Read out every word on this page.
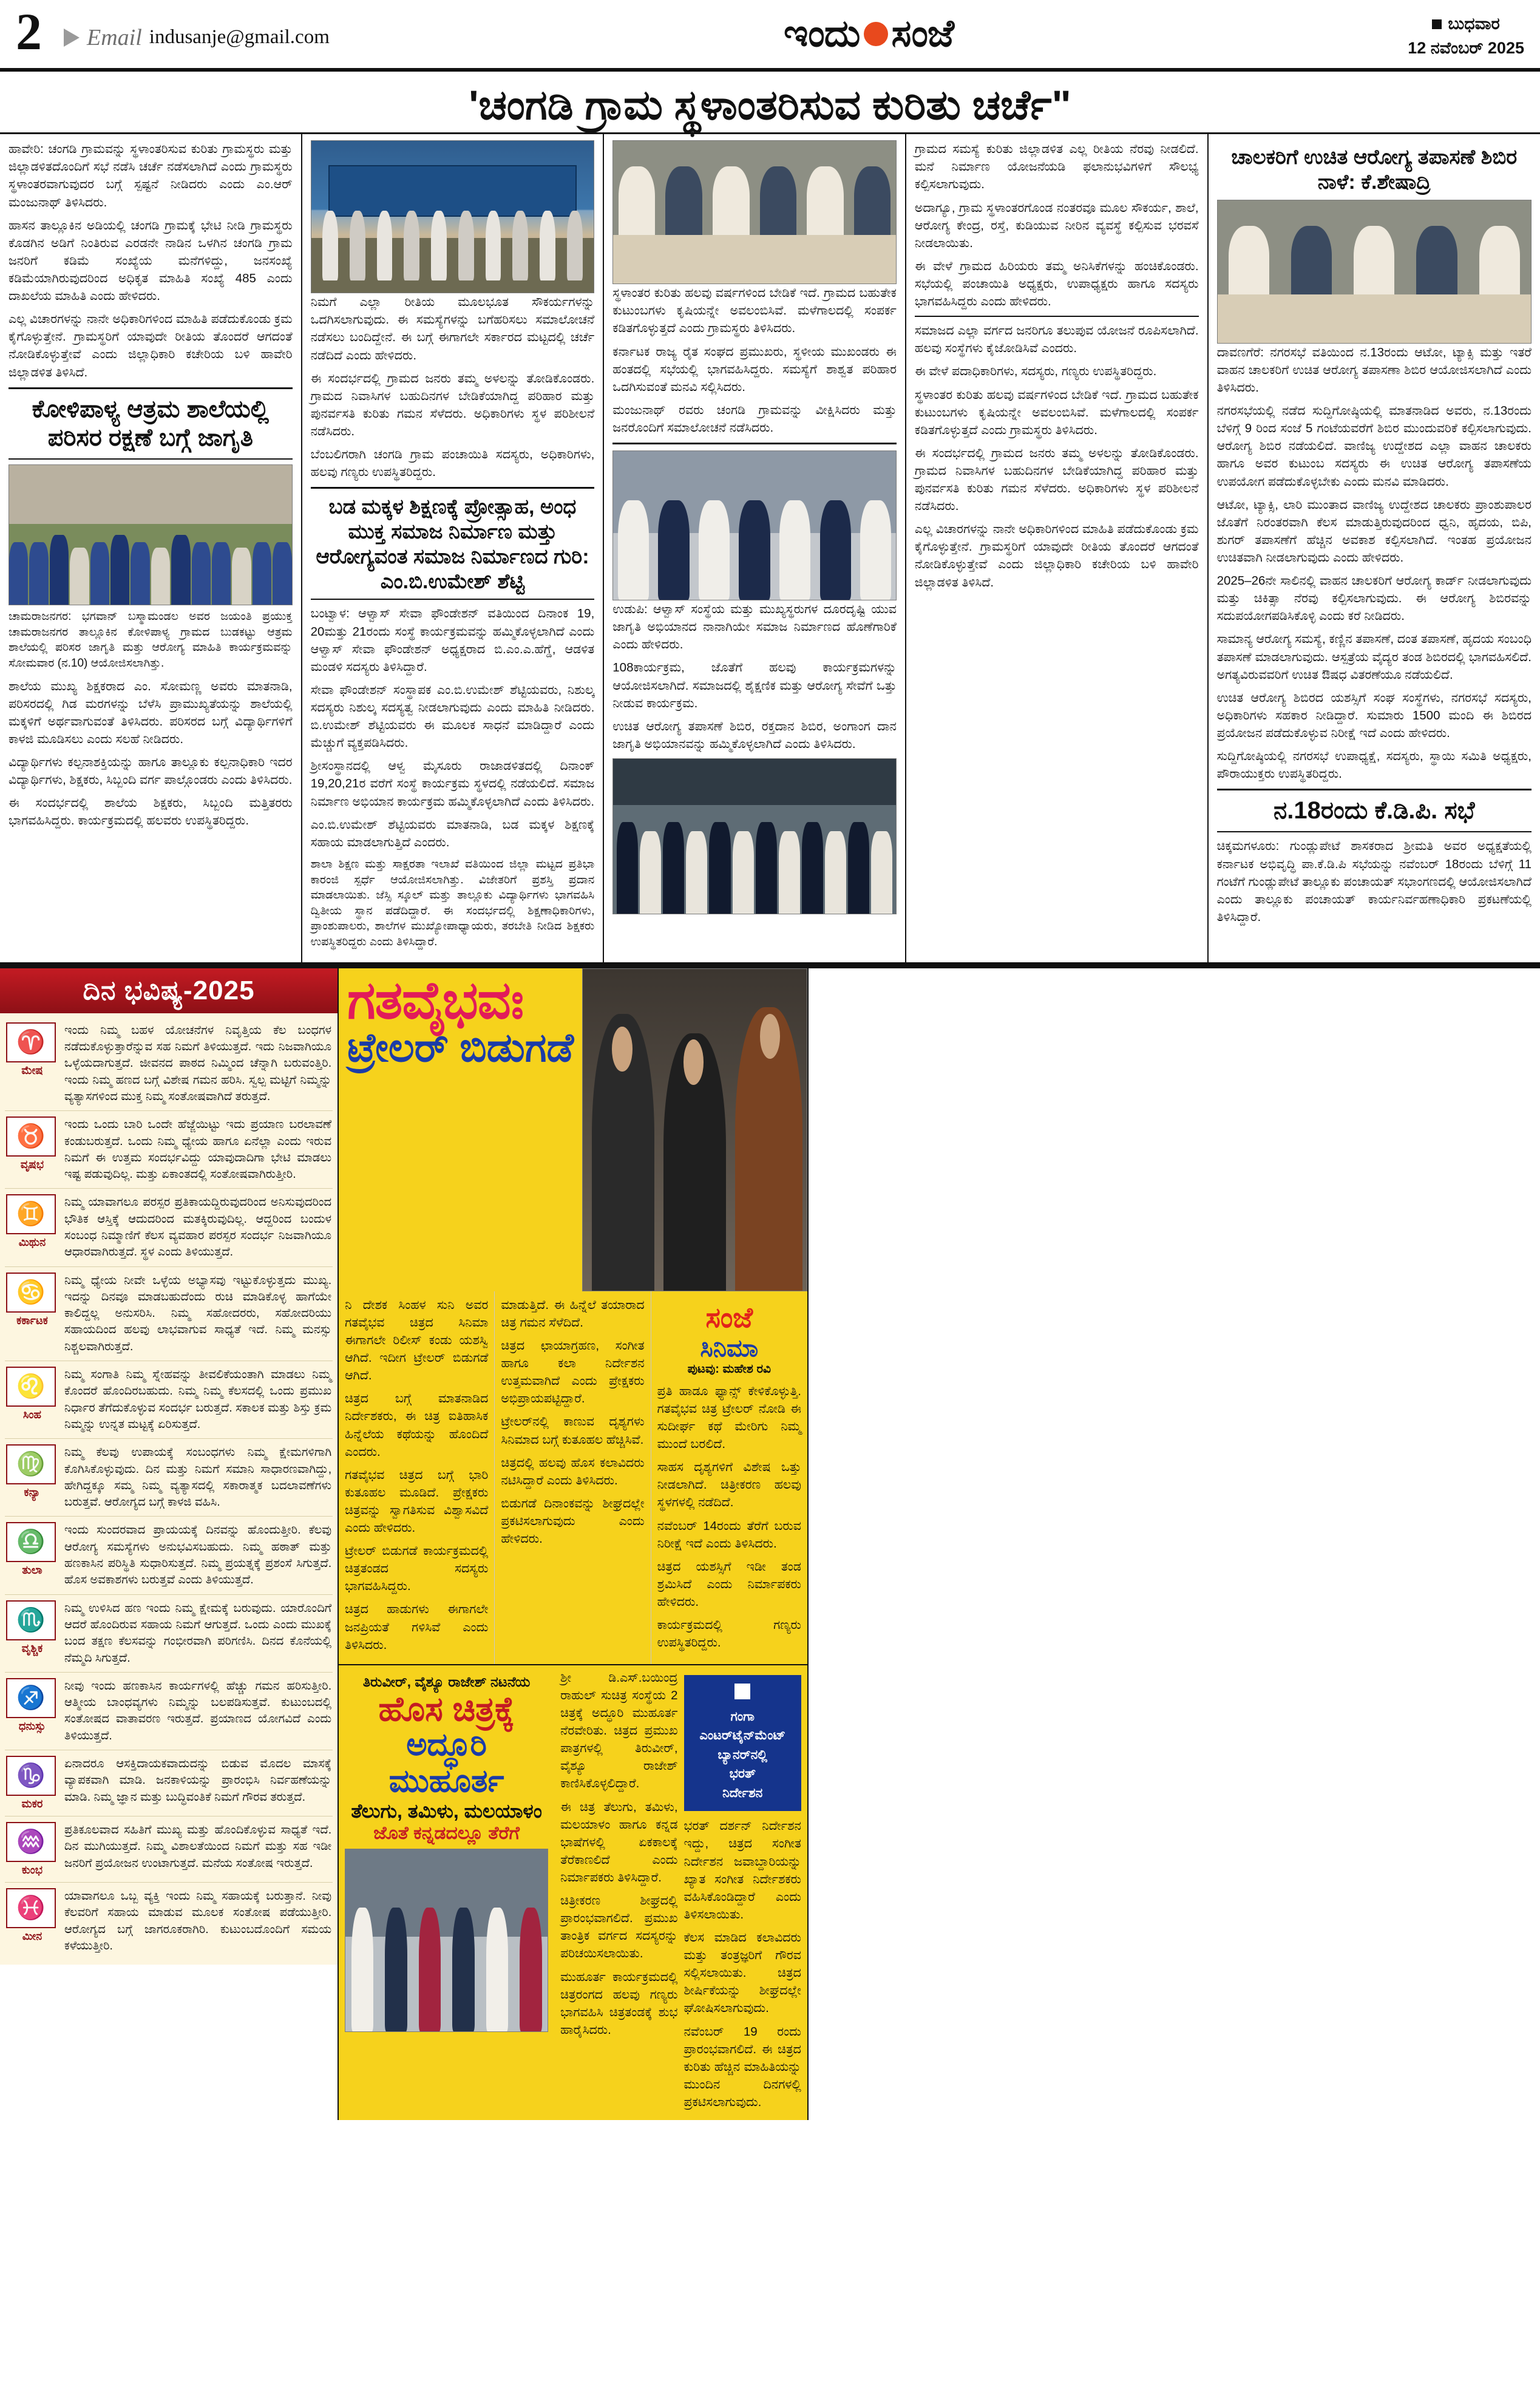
2 Email indusanje@gmail.com	ಇಂದು ಸಂಜೆ	ಬುಧವಾರ
12 ನವೆಂಬರ್ 2025
'ಚಂಗಡಿ ಗ್ರಾಮ ಸ್ಥಳಾಂತರಿಸುವ ಕುರಿತು ಚರ್ಚೆ"

ಹಾವೇರಿ: ಚಂಗಡಿ ಗ್ರಾಮವನ್ನು ಸ್ಥಳಾಂತರಿಸುವ ಕುರಿತು ಗ್ರಾಮಸ್ಥರು ಮತ್ತು ಜಿಲ್ಲಾಡಳಿತದೊಂದಿಗೆ ಸಭೆ ನಡೆಸಿ ಚರ್ಚೆ ನಡೆಸಲಾಗಿದೆ ಎಂದು ಗ್ರಾಮಸ್ಥರು ಸ್ಥಳಾಂತರವಾಗುವುದರ ಬಗ್ಗೆ ಸ್ಪಷ್ಟನೆ ನೀಡಿದರು ಎಂದು ಎಂ.ಆರ್ ಮಂಜುನಾಥ್ ತಿಳಿಸಿದರು.

ಹಾಸನ ತಾಲ್ಲೂಕಿನ ಅಡಿಯಲ್ಲಿ ಚಂಗಡಿ ಗ್ರಾಮಕ್ಕೆ ಭೇಟಿ ನೀಡಿ ಗ್ರಾಮಸ್ಥರು ಕೊಡಗಿನ ಅಡಿಗೆ ನಿಂತಿರುವ ಎರಡನೇ ನಾಡಿನ ಒಳಗಿನ ಚಂಗಡಿ ಗ್ರಾಮ ಜನರಿಗೆ ಕಡಿಮೆ ಸಂಖ್ಯೆಯ ಮನೆಗಳಿದ್ದು, ಜನಸಂಖ್ಯೆ ಕಡಿಮೆಯಾಗಿರುವುದರಿಂದ ಅಧಿಕೃತ ಮಾಹಿತಿ ಸಂಖ್ಯೆ 485 ಎಂದು ದಾಖಲೆಯ ಮಾಹಿತಿ ಎಂದು ಹೇಳಿದರು.

ಎಲ್ಲ ವಿಚಾರಗಳನ್ನು ನಾನೇ ಅಧಿಕಾರಿಗಳಿಂದ ಮಾಹಿತಿ ಪಡೆದುಕೊಂಡು ಕ್ರಮ ಕೈಗೊಳ್ಳುತ್ತೇನೆ. ಗ್ರಾಮಸ್ಥರಿಗೆ ಯಾವುದೇ ರೀತಿಯ ತೊಂದರೆ ಆಗದಂತೆ ನೋಡಿಕೊಳ್ಳುತ್ತೇವೆ ಎಂದು ಜಿಲ್ಲಾಧಿಕಾರಿ ಕಚೇರಿಯ ಬಳಿ ಹಾವೇರಿ ಜಿಲ್ಲಾಡಳಿತ ತಿಳಿಸಿದೆ.

ಕೋಳಿಪಾಳ್ಯ ಆತ್ರಮ ಶಾಲೆಯಲ್ಲಿ ಪರಿಸರ ರಕ್ಷಣೆ ಬಗ್ಗೆ ಜಾಗೃತಿ
ಚಾಮರಾಜನಗರ: ಭಗವಾನ್ ಬಸ್ಮಾಮಂಡಲ ಅವರ ಜಯಂತಿ ಪ್ರಯುಕ್ತ ಚಾಮರಾಜನಗರ ತಾಲ್ಲೂಕಿನ ಕೋಳಿಪಾಳ್ಯ ಗ್ರಾಮದ ಬುಡಕಟ್ಟು ಆತ್ರಮ ಶಾಲೆಯಲ್ಲಿ ಪರಿಸರ ಜಾಗೃತಿ ಮತ್ತು ಆರೋಗ್ಯ ಮಾಹಿತಿ ಕಾರ್ಯಕ್ರಮವನ್ನು ಸೋಮವಾರ (ನ.10) ಆಯೋಜಿಸಲಾಗಿತ್ತು.

ಶಾಲೆಯ ಮುಖ್ಯ ಶಿಕ್ಷಕರಾದ ಎಂ. ಸೋಮಣ್ಣ ಅವರು ಮಾತನಾಡಿ, ಪರಿಸರದಲ್ಲಿ ಗಿಡ ಮರಗಳನ್ನು ಬೆಳೆಸಿ ಪ್ರಾಮುಖ್ಯತೆಯನ್ನು ಶಾಲೆಯಲ್ಲಿ ಮಕ್ಕಳಿಗೆ ಅರ್ಥವಾಗುವಂತೆ ತಿಳಿಸಿದರು. ಪರಿಸರದ ಬಗ್ಗೆ ವಿದ್ಯಾರ್ಥಿಗಳಿಗೆ ಕಾಳಜಿ ಮೂಡಿಸಲು ಎಂದು ಸಲಹೆ ನೀಡಿದರು.

ವಿದ್ಯಾರ್ಥಿಗಳು ಕಲ್ಪನಾಶಕ್ತಿಯನ್ನು ಹಾಗೂ ತಾಲ್ಲೂಕು ಕಲ್ಪನಾಧಿಕಾರಿ ಇದರ ವಿದ್ಯಾರ್ಥಿಗಳು, ಶಿಕ್ಷಕರು, ಸಿಬ್ಬಂದಿ ವರ್ಗ ಪಾಲ್ಗೊಂಡರು ಎಂದು ತಿಳಿಸಿದರು.

ಈ ಸಂದರ್ಭದಲ್ಲಿ ಶಾಲೆಯ ಶಿಕ್ಷಕರು, ಸಿಬ್ಬಂದಿ ಮತ್ತಿತರರು ಭಾಗವಹಿಸಿದ್ದರು. ಕಾರ್ಯಕ್ರಮದಲ್ಲಿ ಹಲವರು ಉಪಸ್ಥಿತರಿದ್ದರು.

ನಿಮಗೆ ಎಲ್ಲಾ ರೀತಿಯ ಮೂಲಭೂತ ಸೌಕರ್ಯಗಳನ್ನು ಒದಗಿಸಲಾಗುವುದು. ಈ ಸಮಸ್ಯೆಗಳನ್ನು ಬಗೆಹರಿಸಲು ಸಮಾಲೋಚನೆ ನಡೆಸಲು ಬಂದಿದ್ದೇನೆ. ಈ ಬಗ್ಗೆ ಈಗಾಗಲೇ ಸರ್ಕಾರದ ಮಟ್ಟದಲ್ಲಿ ಚರ್ಚೆ ನಡೆದಿದೆ ಎಂದು ಹೇಳಿದರು.

ಈ ಸಂದರ್ಭದಲ್ಲಿ ಗ್ರಾಮದ ಜನರು ತಮ್ಮ ಅಳಲನ್ನು ತೋಡಿಕೊಂಡರು. ಗ್ರಾಮದ ನಿವಾಸಿಗಳ ಬಹುದಿನಗಳ ಬೇಡಿಕೆಯಾಗಿದ್ದ ಪರಿಹಾರ ಮತ್ತು ಪುನರ್ವಸತಿ ಕುರಿತು ಗಮನ ಸೆಳೆದರು. ಅಧಿಕಾರಿಗಳು ಸ್ಥಳ ಪರಿಶೀಲನೆ ನಡೆಸಿದರು.

ಬೆಂಬಲಿಗರಾಗಿ ಚಂಗಡಿ ಗ್ರಾಮ ಪಂಚಾಯಿತಿ ಸದಸ್ಯರು, ಅಧಿಕಾರಿಗಳು, ಹಲವು ಗಣ್ಯರು ಉಪಸ್ಥಿತರಿದ್ದರು.

ಬಡ ಮಕ್ಕಳ ಶಿಕ್ಷಣಕ್ಕೆ ಪ್ರೋತ್ಸಾಹ, ಅಂಧ ಮುಕ್ತ ಸಮಾಜ ನಿರ್ಮಾಣ ಮತ್ತು ಆರೋಗ್ಯವಂತ ಸಮಾಜ ನಿರ್ಮಾಣದ ಗುರಿ: ಎಂ.ಬಿ.ಉಮೇಶ್ ಶೆಟ್ಟಿ

ಬಂಟ್ವಾಳ: ಆಳ್ವಾಸ್ ಸೇವಾ ಫೌಂಡೇಶನ್ ವತಿಯಿಂದ ದಿನಾಂಕ 19, 20ಮತ್ತು 21ರಂದು ಸಂಸ್ಥೆ ಕಾರ್ಯಕ್ರಮವನ್ನು ಹಮ್ಮಿಕೊಳ್ಳಲಾಗಿದೆ ಎಂದು ಆಳ್ವಾಸ್ ಸೇವಾ ಫೌಂಡೇಶನ್ ಅಧ್ಯಕ್ಷರಾದ ಬಿ.ಎಂ.ಎ.ಹೆಗ್ಡೆ, ಆಡಳಿತ ಮಂಡಳಿ ಸದಸ್ಯರು ತಿಳಿಸಿದ್ದಾರೆ.

ಸೇವಾ ಫೌಂಡೇಶನ್ ಸಂಸ್ಥಾಪಕ ಎಂ.ಬಿ.ಉಮೇಶ್ ಶೆಟ್ಟಿಯವರು, ನಿಶುಲ್ಕ ಸದಸ್ಯರು ನಿಶುಲ್ಕ ಸದಸ್ಯತ್ವ ನೀಡಲಾಗುವುದು ಎಂದು ಮಾಹಿತಿ ನೀಡಿದರು. ಬಿ.ಉಮೇಶ್ ಶೆಟ್ಟಿಯವರು ಈ ಮೂಲಕ ಸಾಧನೆ ಮಾಡಿದ್ದಾರೆ ಎಂದು ಮೆಚ್ಚುಗೆ ವ್ಯಕ್ತಪಡಿಸಿದರು.

ಶ್ರೀಸಂಸ್ಥಾನದಲ್ಲಿ ಆಳ್ವ ಮೈಸೂರು ರಾಜಾಡಳಿತದಲ್ಲಿ ದಿನಾಂಕ್ 19,20,21ರ ವರೆಗೆ ಸಂಸ್ಥೆ ಕಾರ್ಯಕ್ರಮ ಸ್ಥಳದಲ್ಲಿ ನಡೆಯಲಿದೆ. ಸಮಾಜ ನಿರ್ಮಾಣ ಅಭಿಯಾನ ಕಾರ್ಯಕ್ರಮ ಹಮ್ಮಿಕೊಳ್ಳಲಾಗಿದೆ ಎಂದು ತಿಳಿಸಿದರು.

ಎಂ.ಬಿ.ಉಮೇಶ್ ಶೆಟ್ಟಿಯವರು ಮಾತನಾಡಿ, ಬಡ ಮಕ್ಕಳ ಶಿಕ್ಷಣಕ್ಕೆ ಸಹಾಯ ಮಾಡಲಾಗುತ್ತಿದೆ ಎಂದರು.

ಶಾಲಾ ಶಿಕ್ಷಣ ಮತ್ತು ಸಾಕ್ಷರತಾ ಇಲಾಖೆ ವತಿಯಿಂದ ಜಿಲ್ಲಾ ಮಟ್ಟದ ಪ್ರತಿಭಾ ಕಾರಂಜಿ ಸ್ಪರ್ಧೆ ಆಯೋಜಿಸಲಾಗಿತ್ತು. ವಿಜೇತರಿಗೆ ಪ್ರಶಸ್ತಿ ಪ್ರದಾನ ಮಾಡಲಾಯಿತು. ಜೆಸ್ಸಿ ಸ್ಕೂಲ್ ಮತ್ತು ತಾಲ್ಲೂಕು ವಿದ್ಯಾರ್ಥಿಗಳು ಭಾಗವಹಿಸಿ ದ್ವಿತೀಯ ಸ್ಥಾನ ಪಡೆದಿದ್ದಾರೆ. ಈ ಸಂದರ್ಭದಲ್ಲಿ ಶಿಕ್ಷಣಾಧಿಕಾರಿಗಳು, ಪ್ರಾಂಶುಪಾಲರು, ಶಾಲೆಗಳ ಮುಖ್ಯೋಪಾಧ್ಯಾಯರು, ತರಬೇತಿ ನೀಡಿದ ಶಿಕ್ಷಕರು ಉಪಸ್ಥಿತರಿದ್ದರು ಎಂದು ತಿಳಿಸಿದ್ದಾರೆ.

ಸ್ಥಳಾಂತರ ಕುರಿತು ಹಲವು ವರ್ಷಗಳಿಂದ ಬೇಡಿಕೆ ಇದೆ. ಗ್ರಾಮದ ಬಹುತೇಕ ಕುಟುಂಬಗಳು ಕೃಷಿಯನ್ನೇ ಅವಲಂಬಿಸಿವೆ. ಮಳೆಗಾಲದಲ್ಲಿ ಸಂಪರ್ಕ ಕಡಿತಗೊಳ್ಳುತ್ತದೆ ಎಂದು ಗ್ರಾಮಸ್ಥರು ತಿಳಿಸಿದರು.

ಕರ್ನಾಟಕ ರಾಜ್ಯ ರೈತ ಸಂಘದ ಪ್ರಮುಖರು, ಸ್ಥಳೀಯ ಮುಖಂಡರು ಈ ಹಂತದಲ್ಲಿ ಸಭೆಯಲ್ಲಿ ಭಾಗವಹಿಸಿದ್ದರು. ಸಮಸ್ಯೆಗೆ ಶಾಶ್ವತ ಪರಿಹಾರ ಒದಗಿಸುವಂತೆ ಮನವಿ ಸಲ್ಲಿಸಿದರು.

ಮಂಜುನಾಥ್ ರವರು ಚಂಗಡಿ ಗ್ರಾಮವನ್ನು ವೀಕ್ಷಿಸಿದರು ಮತ್ತು ಜನರೊಂದಿಗೆ ಸಮಾಲೋಚನೆ ನಡೆಸಿದರು.

ಉಡುಪಿ: ಆಳ್ವಾಸ್ ಸಂಸ್ಥೆಯ ಮತ್ತು ಮುಖ್ಯಸ್ಥರುಗಳ ದೂರದೃಷ್ಟಿ ಯುವ ಜಾಗೃತಿ ಅಭಿಯಾನದ ನಾನಾಗಿಯೇ ಸಮಾಜ ನಿರ್ಮಾಣದ ಹೊಣೆಗಾರಿಕೆ ಎಂದು ಹೇಳಿದರು.

108ಕಾರ್ಯಕ್ರಮ, ಜೊತೆಗೆ ಹಲವು ಕಾರ್ಯಕ್ರಮಗಳನ್ನು ಆಯೋಜಿಸಲಾಗಿದೆ. ಸಮಾಜದಲ್ಲಿ ಶೈಕ್ಷಣಿಕ ಮತ್ತು ಆರೋಗ್ಯ ಸೇವೆಗೆ ಒತ್ತು ನೀಡುವ ಕಾರ್ಯಕ್ರಮ.

ಉಚಿತ ಆರೋಗ್ಯ ತಪಾಸಣೆ ಶಿಬಿರ, ರಕ್ತದಾನ ಶಿಬಿರ, ಅಂಗಾಂಗ ದಾನ ಜಾಗೃತಿ ಅಭಿಯಾನವನ್ನು ಹಮ್ಮಿಕೊಳ್ಳಲಾಗಿದೆ ಎಂದು ತಿಳಿಸಿದರು.

ಗ್ರಾಮದ ಸಮಸ್ಯೆ ಕುರಿತು ಜಿಲ್ಲಾಡಳಿತ ಎಲ್ಲ ರೀತಿಯ ನೆರವು ನೀಡಲಿದೆ. ಮನೆ ನಿರ್ಮಾಣ ಯೋಜನೆಯಡಿ ಫಲಾನುಭವಿಗಳಿಗೆ ಸೌಲಭ್ಯ ಕಲ್ಪಿಸಲಾಗುವುದು.

ಅದಾಗ್ಯೂ, ಗ್ರಾಮ ಸ್ಥಳಾಂತರಗೊಂಡ ನಂತರವೂ ಮೂಲ ಸೌಕರ್ಯ, ಶಾಲೆ, ಆರೋಗ್ಯ ಕೇಂದ್ರ, ರಸ್ತೆ, ಕುಡಿಯುವ ನೀರಿನ ವ್ಯವಸ್ಥೆ ಕಲ್ಪಿಸುವ ಭರವಸೆ ನೀಡಲಾಯಿತು.

ಈ ವೇಳೆ ಗ್ರಾಮದ ಹಿರಿಯರು ತಮ್ಮ ಅನಿಸಿಕೆಗಳನ್ನು ಹಂಚಿಕೊಂಡರು. ಸಭೆಯಲ್ಲಿ ಪಂಚಾಯಿತಿ ಅಧ್ಯಕ್ಷರು, ಉಪಾಧ್ಯಕ್ಷರು ಹಾಗೂ ಸದಸ್ಯರು ಭಾಗವಹಿಸಿದ್ದರು ಎಂದು ಹೇಳಿದರು.

ಸಮಾಜದ ಎಲ್ಲಾ ವರ್ಗದ ಜನರಿಗೂ ತಲುಪುವ ಯೋಜನೆ ರೂಪಿಸಲಾಗಿದೆ. ಹಲವು ಸಂಸ್ಥೆಗಳು ಕೈಜೋಡಿಸಿವೆ ಎಂದರು.

ಈ ವೇಳೆ ಪದಾಧಿಕಾರಿಗಳು, ಸದಸ್ಯರು, ಗಣ್ಯರು ಉಪಸ್ಥಿತರಿದ್ದರು.

ಸ್ಥಳಾಂತರ ಕುರಿತು ಹಲವು ವರ್ಷಗಳಿಂದ ಬೇಡಿಕೆ ಇದೆ. ಗ್ರಾಮದ ಬಹುತೇಕ ಕುಟುಂಬಗಳು ಕೃಷಿಯನ್ನೇ ಅವಲಂಬಿಸಿವೆ. ಮಳೆಗಾಲದಲ್ಲಿ ಸಂಪರ್ಕ ಕಡಿತಗೊಳ್ಳುತ್ತದೆ ಎಂದು ಗ್ರಾಮಸ್ಥರು ತಿಳಿಸಿದರು.

ಈ ಸಂದರ್ಭದಲ್ಲಿ ಗ್ರಾಮದ ಜನರು ತಮ್ಮ ಅಳಲನ್ನು ತೋಡಿಕೊಂಡರು. ಗ್ರಾಮದ ನಿವಾಸಿಗಳ ಬಹುದಿನಗಳ ಬೇಡಿಕೆಯಾಗಿದ್ದ ಪರಿಹಾರ ಮತ್ತು ಪುನರ್ವಸತಿ ಕುರಿತು ಗಮನ ಸೆಳೆದರು. ಅಧಿಕಾರಿಗಳು ಸ್ಥಳ ಪರಿಶೀಲನೆ ನಡೆಸಿದರು.

ಎಲ್ಲ ವಿಚಾರಗಳನ್ನು ನಾನೇ ಅಧಿಕಾರಿಗಳಿಂದ ಮಾಹಿತಿ ಪಡೆದುಕೊಂಡು ಕ್ರಮ ಕೈಗೊಳ್ಳುತ್ತೇನೆ. ಗ್ರಾಮಸ್ಥರಿಗೆ ಯಾವುದೇ ರೀತಿಯ ತೊಂದರೆ ಆಗದಂತೆ ನೋಡಿಕೊಳ್ಳುತ್ತೇವೆ ಎಂದು ಜಿಲ್ಲಾಧಿಕಾರಿ ಕಚೇರಿಯ ಬಳಿ ಹಾವೇರಿ ಜಿಲ್ಲಾಡಳಿತ ತಿಳಿಸಿದೆ.

ಚಾಲಕರಿಗೆ ಉಚಿತ ಆರೋಗ್ಯ ತಪಾಸಣೆ ಶಿಬಿರ ನಾಳೆ: ಕೆ.ಶೇಷಾದ್ರಿ

ದಾವಣಗೆರೆ: ನಗರಸಭೆ ವತಿಯಿಂದ ನ.13ರಂದು ಆಟೋ, ಟ್ಯಾಕ್ಸಿ ಮತ್ತು ಇತರೆ ವಾಹನ ಚಾಲಕರಿಗೆ ಉಚಿತ ಆರೋಗ್ಯ ತಪಾಸಣಾ ಶಿಬಿರ ಆಯೋಜಿಸಲಾಗಿದೆ ಎಂದು ತಿಳಿಸಿದರು.

ನಗರಸಭೆಯಲ್ಲಿ ನಡೆದ ಸುದ್ದಿಗೋಷ್ಠಿಯಲ್ಲಿ ಮಾತನಾಡಿದ ಅವರು, ನ.13ರಂದು ಬೆಳಿಗ್ಗೆ 9 ರಿಂದ ಸಂಜೆ 5 ಗಂಟೆಯವರೆಗೆ ಶಿಬಿರ ಮುಂದುವರಿಕೆ ಕಲ್ಪಿಸಲಾಗುವುದು. ಆರೋಗ್ಯ ಶಿಬಿರ ನಡೆಯಲಿದೆ. ವಾಣಿಜ್ಯ ಉದ್ದೇಶದ ಎಲ್ಲಾ ವಾಹನ ಚಾಲಕರು ಹಾಗೂ ಅವರ ಕುಟುಂಬ ಸದಸ್ಯರು ಈ ಉಚಿತ ಆರೋಗ್ಯ ತಪಾಸಣೆಯ ಉಪಯೋಗ ಪಡೆದುಕೊಳ್ಳಬೇಕು ಎಂದು ಮನವಿ ಮಾಡಿದರು.

ಆಟೋ, ಟ್ಯಾಕ್ಸಿ, ಲಾರಿ ಮುಂತಾದ ವಾಣಿಜ್ಯ ಉದ್ದೇಶದ ಚಾಲಕರು ಪ್ರಾಂಶುಪಾಲರ ಜೊತೆಗೆ ನಿರಂತರವಾಗಿ ಕೆಲಸ ಮಾಡುತ್ತಿರುವುದರಿಂದ ಧ್ವನಿ, ಹೃದಯ, ಬಿಪಿ, ಶುಗರ್ ತಪಾಸಣೆಗೆ ಹೆಚ್ಚಿನ ಅವಕಾಶ ಕಲ್ಪಿಸಲಾಗಿದೆ. ಇಂತಹ ಪ್ರಯೋಜನ ಉಚಿತವಾಗಿ ನೀಡಲಾಗುವುದು ಎಂದು ಹೇಳಿದರು.

2025–26ನೇ ಸಾಲಿನಲ್ಲಿ ವಾಹನ ಚಾಲಕರಿಗೆ ಆರೋಗ್ಯ ಕಾರ್ಡ್ ನೀಡಲಾಗುವುದು ಮತ್ತು ಚಿಕಿತ್ಸಾ ನೆರವು ಕಲ್ಪಿಸಲಾಗುವುದು. ಈ ಆರೋಗ್ಯ ಶಿಬಿರವನ್ನು ಸದುಪಯೋಗಪಡಿಸಿಕೊಳ್ಳಿ ಎಂದು ಕರೆ ನೀಡಿದರು.

ಸಾಮಾನ್ಯ ಆರೋಗ್ಯ ಸಮಸ್ಯೆ, ಕಣ್ಣಿನ ತಪಾಸಣೆ, ದಂತ ತಪಾಸಣೆ, ಹೃದಯ ಸಂಬಂಧಿ ತಪಾಸಣೆ ಮಾಡಲಾಗುವುದು. ಆಸ್ಪತ್ರೆಯ ವೈದ್ಯರ ತಂಡ ಶಿಬಿರದಲ್ಲಿ ಭಾಗವಹಿಸಲಿದೆ. ಅಗತ್ಯವಿರುವವರಿಗೆ ಉಚಿತ ಔಷಧ ವಿತರಣೆಯೂ ನಡೆಯಲಿದೆ.

ಉಚಿತ ಆರೋಗ್ಯ ಶಿಬಿರದ ಯಶಸ್ಸಿಗೆ ಸಂಘ ಸಂಸ್ಥೆಗಳು, ನಗರಸಭೆ ಸದಸ್ಯರು, ಅಧಿಕಾರಿಗಳು ಸಹಕಾರ ನೀಡಿದ್ದಾರೆ. ಸುಮಾರು 1500 ಮಂದಿ ಈ ಶಿಬಿರದ ಪ್ರಯೋಜನ ಪಡೆದುಕೊಳ್ಳುವ ನಿರೀಕ್ಷೆ ಇದೆ ಎಂದು ಹೇಳಿದರು.

ಸುದ್ದಿಗೋಷ್ಠಿಯಲ್ಲಿ ನಗರಸಭೆ ಉಪಾಧ್ಯಕ್ಷೆ, ಸದಸ್ಯರು, ಸ್ಥಾಯಿ ಸಮಿತಿ ಅಧ್ಯಕ್ಷರು, ಪೌರಾಯುಕ್ತರು ಉಪಸ್ಥಿತರಿದ್ದರು.

ನ.18ರಂದು ಕೆ.ಡಿ.ಪಿ. ಸಭೆ

ಚಿಕ್ಕಮಗಳೂರು: ಗುಂಡ್ಲುಪೇಟೆ ಶಾಸಕರಾದ ಶ್ರೀಮತಿ ಅವರ ಅಧ್ಯಕ್ಷತೆಯಲ್ಲಿ ಕರ್ನಾಟಕ ಅಭಿವೃದ್ಧಿ ಪಾ.ಕೆ.ಡಿ.ಪಿ ಸಭೆಯನ್ನು ನವೆಂಬರ್ 18ರಂದು ಬೆಳಿಗ್ಗೆ 11 ಗಂಟೆಗೆ ಗುಂಡ್ಲುಪೇಟೆ ತಾಲ್ಲೂಕು ಪಂಚಾಯತ್ ಸಭಾಂಗಣದಲ್ಲಿ ಆಯೋಜಿಸಲಾಗಿದೆ ಎಂದು ತಾಲ್ಲೂಕು ಪಂಚಾಯತ್ ಕಾರ್ಯನಿರ್ವಹಣಾಧಿಕಾರಿ ಪ್ರಕಟಣೆಯಲ್ಲಿ ತಿಳಿಸಿದ್ದಾರೆ.

ದಿನ ಭವಿಷ್ಯ-2025
♈
ಮೇಷ
ಇಂದು ನಿಮ್ಮ ಬಹಳ ಯೋಚನೆಗಳ ನಿವೃತ್ತಿಯ ಕೆಲ ಬಂಧಗಳ ನಡೆದುಕೊಳ್ಳುತ್ತಾರೆನ್ನುವ ಸಹ ನಿಮಗೆ ತಿಳಿಯುತ್ತದೆ. ಇದು ನಿಜವಾಗಿಯೂ ಒಳ್ಳೆಯದಾಗುತ್ತದೆ. ಜೀವನದ ಪಾಠದ ನಿಮ್ಮಿಂದ ಚೆನ್ನಾಗಿ ಬರುವಂತ್ತಿರಿ. ಇಂದು ನಿಮ್ಮ ಹಣದ ಬಗ್ಗೆ ವಿಶೇಷ ಗಮನ ಹರಿಸಿ. ಸ್ವಲ್ಪ ಮಟ್ಟಿಗೆ ನಿಮ್ಮನ್ನು ವ್ಯತ್ಯಾಸಗಳಿಂದ ಮುಕ್ತ ನಿಮ್ಮ ಸಂತೋಷವಾಗಿದೆ ತರುತ್ತದೆ.
♉
ವೃಷಭ
ಇಂದು ಒಂದು ಬಾರಿ ಒಂದೇ ಹೆಜ್ಜೆಯಿಟ್ಟು ಇದು ಪ್ರಯಾಣ ಬರಲಾವಣೆ ಕಂಡುಬರುತ್ತದೆ. ಒಂದು ನಿಮ್ಮ ಧ್ಯೇಯ ಹಾಗೂ ಏನೆಲ್ಲಾ ಎಂದು ಇರುವ ನಿಮಗೆ ಈ ಉತ್ತಮ ಸಂದರ್ಭವಿದ್ದು ಯಾವುದಾದಿಗಾ ಭೇಟಿ ಮಾಡಲು ಇಷ್ಟ ಪಡುವುದಿಲ್ಲ. ಮತ್ತು ಏಕಾಂತದಲ್ಲಿ ಸಂತೋಷವಾಗಿರುತ್ತೀರಿ.
♊
ಮಿಥುನ
ನಿಮ್ಮ ಯಾವಾಗಲೂ ಪರಸ್ಪರ ಪ್ರತಿಕಾಯದ್ದಿರುವುದರಿಂದ ಅನಿಸುವುದರಿಂದ ಭೌತಿಕ ಆಸ್ತಿಕ್ಕೆ ಆದುದರಿಂದ ಮತಕ್ಕಿರುವುದಿಲ್ಲ. ಆದ್ದರಿಂದ ಬಂದುಳ ಸಂಬಂಧ ನಿಮ್ಮಾಣಿಗೆ ಕೆಲಸ ವ್ಯವಹಾರ ಪರಸ್ಪರ ಸಂದರ್ಭ ನಿಜವಾಗಿಯೂ ಆಧಾರವಾಗಿರುತ್ತದೆ. ಸ್ಥಳ ಎಂದು ತಿಳಿಯುತ್ತದೆ.
♋
ಕರ್ಕಾಟಕ
ನಿಮ್ಮ ಧ್ಯೇಯ ನೀವೇ ಒಳ್ಳೆಯ ಅಭ್ಯಾಸವು ಇಟ್ಟುಕೊಳ್ಳುತ್ತದು ಮುಖ್ಯ. ಇದನ್ನು ದಿನವೂ ಮಾಡಬಹುದೆಂದು ರುಚಿ ಮಾಡಿಕೊಳ್ಳ ಹಾಗೆಯೇ ಕಾಲಿದ್ದಲ್ಲ ಅನುಸರಿಸಿ. ನಿಮ್ಮ ಸಹೋದರರು, ಸಹೋದರಿಯು ಸಹಾಯದಿಂದ ಹಲವು ಲಾಭವಾಗುವ ಸಾಧ್ಯತೆ ಇದೆ. ನಿಮ್ಮ ಮನಸ್ಸು ನಿಶ್ಚಲವಾಗಿರುತ್ತದೆ.
♌
ಸಿಂಹ
ನಿಮ್ಮ ಸಂಗಾತಿ ನಿಮ್ಮ ಸ್ನೇಹವನ್ನು ತೀವಲಿಕೆಯಂತಾಗಿ ಮಾಡಲು ನಿಮ್ಮ ಕೊಂದರೆ ಹೊಂದಿರಬಹುದು. ನಿಮ್ಮ ನಿಮ್ಮ ಕೆಲಸದಲ್ಲಿ ಒಂದು ಪ್ರಮುಖ ನಿರ್ಧಾರ ತೆಗೆದುಕೊಳ್ಳುವ ಸಂದರ್ಭ ಬರುತ್ತದೆ. ಸಕಾಲಕ ಮತ್ತು ಶಿಸ್ತು ಕ್ರಮ ನಿಮ್ಮನ್ನು ಉನ್ನತ ಮಟ್ಟಕ್ಕೆ ಏರಿಸುತ್ತದೆ.
♍
ಕನ್ಯಾ
ನಿಮ್ಮ ಕೆಲವು ಉಪಾಯಕ್ಕೆ ಸಂಬಂಧಗಳು ನಿಮ್ಮ ಕ್ಷೇಮಗಳಿಗಾಗಿ ಕೊಗಿಸಿಕೊಳ್ಳುವುದು. ದಿನ ಮತ್ತು ನಿಮಗೆ ಸಮಾನಿ ಸಾಧಾರಣವಾಗಿದ್ದು, ಹೇಗಿದ್ದಕ್ಕೂ ಸಮ್ಮ ನಿಮ್ಮ ವ್ಯತ್ಯಾಸದಲ್ಲಿ ಸಕಾರಾತ್ಮಕ ಬದಲಾವಣೆಗಳು ಬರುತ್ತವೆ. ಆರೋಗ್ಯದ ಬಗ್ಗೆ ಕಾಳಜಿ ವಹಿಸಿ.
♎
ತುಲಾ
ಇಂದು ಸುಂದರವಾದ ಪ್ರಾಯಯಕ್ಕೆ ದಿನವನ್ನು ಹೊಂದುತ್ತೀರಿ. ಕೆಲವು ಆರೋಗ್ಯ ಸಮಸ್ಯೆಗಳು ಅನುಭವಿಸಬಹುದು. ನಿಮ್ಮ ಹಠಾತ್ ಮತ್ತು ಹಣಕಾಸಿನ ಪರಿಸ್ಥಿತಿ ಸುಧಾರಿಸುತ್ತದೆ. ನಿಮ್ಮ ಪ್ರಯತ್ನಕ್ಕೆ ಪ್ರಶಂಸೆ ಸಿಗುತ್ತದೆ. ಹೊಸ ಅವಕಾಶಗಳು ಬರುತ್ತವೆ ಎಂದು ತಿಳಿಯುತ್ತದೆ.
♏
ವೃಶ್ಚಿಕ
ನಿಮ್ಮ ಉಳಿಸಿದ ಹಣ ಇಂದು ನಿಮ್ಮ ಕ್ಷೇಮಕ್ಕೆ ಬರುವುದು. ಯಾರೊಂದಿಗೆ ಆದರೆ ಹೊಂದಿರುವ ಸಹಾಯ ನಿಮಗೆ ಆಗುತ್ತದೆ. ಒಂದು ಎಂದು ಮುಖಕ್ಕೆ ಬಂದ ತಕ್ಷಣ ಕೆಲಸವನ್ನು ಗಂಭೀರವಾಗಿ ಪರಿಗಣಿಸಿ. ದಿನದ ಕೊನೆಯಲ್ಲಿ ನೆಮ್ಮದಿ ಸಿಗುತ್ತದೆ.
♐
ಧನುಸ್ಸು
ನೀವು ಇಂದು ಹಣಕಾಸಿನ ಕಾರ್ಯಗಳಲ್ಲಿ ಹೆಚ್ಚು ಗಮನ ಹರಿಸುತ್ತೀರಿ. ಆತ್ಮೀಯ ಬಾಂಧವ್ಯಗಳು ನಿಮ್ಮನ್ನು ಬಲಪಡಿಸುತ್ತವೆ. ಕುಟುಂಬದಲ್ಲಿ ಸಂತೋಷದ ವಾತಾವರಣ ಇರುತ್ತದೆ. ಪ್ರಯಾಣದ ಯೋಗವಿದೆ ಎಂದು ತಿಳಿಯುತ್ತದೆ.
♑
ಮಕರ
ಏನಾದರೂ ಆಸಕ್ತಿದಾಯಕವಾದುದನ್ನು ಬಿಡುವ ಮೊದಲ ಮಾಸಕ್ಕೆ ವ್ಯಾಪಕವಾಗಿ ಮಾಡಿ. ಜನಕಾಳಿಯನ್ನು ಪ್ರಾರಂಭಿಸಿ ನಿರ್ವಹಣೆಯನ್ನು ಮಾಡಿ. ನಿಮ್ಮ ಜ್ಞಾನ ಮತ್ತು ಬುದ್ಧಿವಂತಿಕೆ ನಿಮಗೆ ಗೌರವ ತರುತ್ತದೆ.
♒
ಕುಂಭ
ಪ್ರತಿಕೂಲವಾದ ಸಹಿತಿಗೆ ಮುಖ್ಯ ಮತ್ತು ಹೊಂದಿಕೊಳ್ಳುವ ಸಾಧ್ಯತೆ ಇದೆ. ದಿನ ಮುಗಿಯುತ್ತದೆ. ನಿಮ್ಮ ವಿಶಾಲತೆಯಿಂದ ನಿಮಗೆ ಮತ್ತು ಸಹ ಇಡೀ ಜನರಿಗೆ ಪ್ರಯೋಜನ ಉಂಟಾಗುತ್ತದೆ. ಮನೆಯ ಸಂತೋಷ ಇರುತ್ತದೆ.
♓
ಮೀನ
ಯಾವಾಗಲೂ ಒಬ್ಬ ವ್ಯಕ್ತಿ ಇಂದು ನಿಮ್ಮ ಸಹಾಯಕ್ಕೆ ಬರುತ್ತಾನೆ. ನೀವು ಕೆಲವರಿಗೆ ಸಹಾಯ ಮಾಡುವ ಮೂಲಕ ಸಂತೋಷ ಪಡೆಯುತ್ತೀರಿ. ಆರೋಗ್ಯದ ಬಗ್ಗೆ ಜಾಗರೂಕರಾಗಿರಿ. ಕುಟುಂಬದೊಂದಿಗೆ ಸಮಯ ಕಳೆಯುತ್ತೀರಿ.
ಗತವೈಭವಃ
ಟ್ರೇಲರ್ ಬಿಡುಗಡೆ

ನಿ ದೇಶಕ ಸಿಂಹಳ ಸುನಿ ಅವರ ಗತವೈಭವ ಚಿತ್ರದ ಸಿನಿಮಾ ಈಗಾಗಲೇ ರಿಲೀಸ್ ಕಂಡು ಯಶಸ್ವಿ ಆಗಿದೆ. ಇದೀಗ ಟ್ರೇಲರ್ ಬಿಡುಗಡೆ ಆಗಿದೆ.

ಚಿತ್ರದ ಬಗ್ಗೆ ಮಾತನಾಡಿದ ನಿರ್ದೇಶಕರು, ಈ ಚಿತ್ರ ಐತಿಹಾಸಿಕ ಹಿನ್ನೆಲೆಯ ಕಥೆಯನ್ನು ಹೊಂದಿದೆ ಎಂದರು.

ಗತವೈಭವ ಚಿತ್ರದ ಬಗ್ಗೆ ಭಾರಿ ಕುತೂಹಲ ಮೂಡಿದೆ. ಪ್ರೇಕ್ಷಕರು ಚಿತ್ರವನ್ನು ಸ್ವಾಗತಿಸುವ ವಿಶ್ವಾಸವಿದೆ ಎಂದು ಹೇಳಿದರು.

ಟ್ರೇಲರ್ ಬಿಡುಗಡೆ ಕಾರ್ಯಕ್ರಮದಲ್ಲಿ ಚಿತ್ರತಂಡದ ಸದಸ್ಯರು ಭಾಗವಹಿಸಿದ್ದರು.

ಚಿತ್ರದ ಹಾಡುಗಳು ಈಗಾಗಲೇ ಜನಪ್ರಿಯತೆ ಗಳಿಸಿವೆ ಎಂದು ತಿಳಿಸಿದರು.

ಮಾಡುತ್ತಿದೆ. ಈ ಹಿನ್ನೆಲೆ ತಯಾರಾದ ಚಿತ್ರ ಗಮನ ಸೆಳೆದಿದೆ.

ಚಿತ್ರದ ಛಾಯಾಗ್ರಹಣ, ಸಂಗೀತ ಹಾಗೂ ಕಲಾ ನಿರ್ದೇಶನ ಉತ್ತಮವಾಗಿದೆ ಎಂದು ಪ್ರೇಕ್ಷಕರು ಅಭಿಪ್ರಾಯಪಟ್ಟಿದ್ದಾರೆ.

ಟ್ರೇಲರ್‌ನಲ್ಲಿ ಕಾಣುವ ದೃಶ್ಯಗಳು ಸಿನಿಮಾದ ಬಗ್ಗೆ ಕುತೂಹಲ ಹೆಚ್ಚಿಸಿವೆ.

ಚಿತ್ರದಲ್ಲಿ ಹಲವು ಹೊಸ ಕಲಾವಿದರು ನಟಿಸಿದ್ದಾರೆ ಎಂದು ತಿಳಿಸಿದರು.

ಬಿಡುಗಡೆ ದಿನಾಂಕವನ್ನು ಶೀಘ್ರದಲ್ಲೇ ಪ್ರಕಟಿಸಲಾಗುವುದು ಎಂದು ಹೇಳಿದರು.

ಸಂಜೆ
ಸಿನಿಮಾ
ಪುಟವು: ಮಹೇಶ ರವಿ

ಪ್ರತಿ ಹಾಡೂ ಫ್ಯಾನ್ಸ್ ಕೇಳಿಕೊಳ್ಳುತ್ತಿ. ಗತವೈಭವ ಚಿತ್ರ ಟ್ರೇಲರ್ ನೋಡಿ ಈ ಸುದೀರ್ಘ ಕಥೆ ಮೇರಿಗು ನಿಮ್ಮ ಮುಂದೆ ಬರಲಿದೆ.

ಸಾಹಸ ದೃಶ್ಯಗಳಿಗೆ ವಿಶೇಷ ಒತ್ತು ನೀಡಲಾಗಿದೆ. ಚಿತ್ರೀಕರಣ ಹಲವು ಸ್ಥಳಗಳಲ್ಲಿ ನಡೆದಿದೆ.

ನವೆಂಬರ್ 14ರಂದು ತೆರೆಗೆ ಬರುವ ನಿರೀಕ್ಷೆ ಇದೆ ಎಂದು ತಿಳಿಸಿದರು.

ಚಿತ್ರದ ಯಶಸ್ಸಿಗೆ ಇಡೀ ತಂಡ ಶ್ರಮಿಸಿದೆ ಎಂದು ನಿರ್ಮಾಪಕರು ಹೇಳಿದರು.

ಕಾರ್ಯಕ್ರಮದಲ್ಲಿ ಗಣ್ಯರು ಉಪಸ್ಥಿತರಿದ್ದರು.

ತಿರುವೀರ್, ವೈಶ್ಯೂ ರಾಜೇಶ್ ನಟನೆಯ
ಹೊಸ ಚಿತ್ರಕ್ಕೆ
ಅದ್ಧೂರಿ ಮುಹೂರ್ತ
ತೆಲುಗು, ತಮಿಳು, ಮಲಯಾಳಂ
ಜೊತೆ ಕನ್ನಡದಲ್ಲೂ ತೆರೆಗೆ

ಶ್ರೀ ಡಿ.ಎಸ್.ಬಯಿಂದ್ರ ರಾಹುಲ್ ಸುಚಿತ್ರ ಸಂಸ್ಥೆಯ 2 ಚಿತ್ರಕ್ಕೆ ಅದ್ಧೂರಿ ಮುಹೂರ್ತ ನೆರವೇರಿತು. ಚಿತ್ರದ ಪ್ರಮುಖ ಪಾತ್ರಗಳಲ್ಲಿ ತಿರುವೀರ್, ವೈಶ್ಯೂ ರಾಜೇಶ್ ಕಾಣಿಸಿಕೊಳ್ಳಲಿದ್ದಾರೆ.

ಈ ಚಿತ್ರ ತೆಲುಗು, ತಮಿಳು, ಮಲಯಾಳಂ ಹಾಗೂ ಕನ್ನಡ ಭಾಷೆಗಳಲ್ಲಿ ಏಕಕಾಲಕ್ಕೆ ತೆರೆಕಾಣಲಿದೆ ಎಂದು ನಿರ್ಮಾಪಕರು ತಿಳಿಸಿದ್ದಾರೆ.

ಚಿತ್ರೀಕರಣ ಶೀಘ್ರದಲ್ಲಿ ಪ್ರಾರಂಭವಾಗಲಿದೆ. ಪ್ರಮುಖ ತಾಂತ್ರಿಕ ವರ್ಗದ ಸದಸ್ಯರನ್ನು ಪರಿಚಯಿಸಲಾಯಿತು.

ಮುಹೂರ್ತ ಕಾರ್ಯಕ್ರಮದಲ್ಲಿ ಚಿತ್ರರಂಗದ ಹಲವು ಗಣ್ಯರು ಭಾಗವಹಿಸಿ ಚಿತ್ರತಂಡಕ್ಕೆ ಶುಭ ಹಾರೈಸಿದರು.

ಗಂಗಾ
ಎಂಟರ್‌ಟೈನ್‌ಮೆಂಟ್
ಬ್ಯಾನರ್‌ನಲ್ಲಿ
ಭರತ್
ನಿರ್ದೇಶನ

ಭರತ್ ದರ್ಶನ್ ನಿರ್ದೇಶನ ಇದ್ದು, ಚಿತ್ರದ ಸಂಗೀತ ನಿರ್ದೇಶನ ಜವಾಬ್ದಾರಿಯನ್ನು ಖ್ಯಾತ ಸಂಗೀತ ನಿರ್ದೇಶಕರು ವಹಿಸಿಕೊಂಡಿದ್ದಾರೆ ಎಂದು ತಿಳಿಸಲಾಯಿತು.

ಕೆಲಸ ಮಾಡಿದ ಕಲಾವಿದರು ಮತ್ತು ತಂತ್ರಜ್ಞರಿಗೆ ಗೌರವ ಸಲ್ಲಿಸಲಾಯಿತು. ಚಿತ್ರದ ಶೀರ್ಷಿಕೆಯನ್ನು ಶೀಘ್ರದಲ್ಲೇ ಘೋಷಿಸಲಾಗುವುದು.

ನವೆಂಬರ್ 19 ರಂದು ಪ್ರಾರಂಭವಾಗಲಿದೆ. ಈ ಚಿತ್ರದ ಕುರಿತು ಹೆಚ್ಚಿನ ಮಾಹಿತಿಯನ್ನು ಮುಂದಿನ ದಿನಗಳಲ್ಲಿ ಪ್ರಕಟಿಸಲಾಗುವುದು.
